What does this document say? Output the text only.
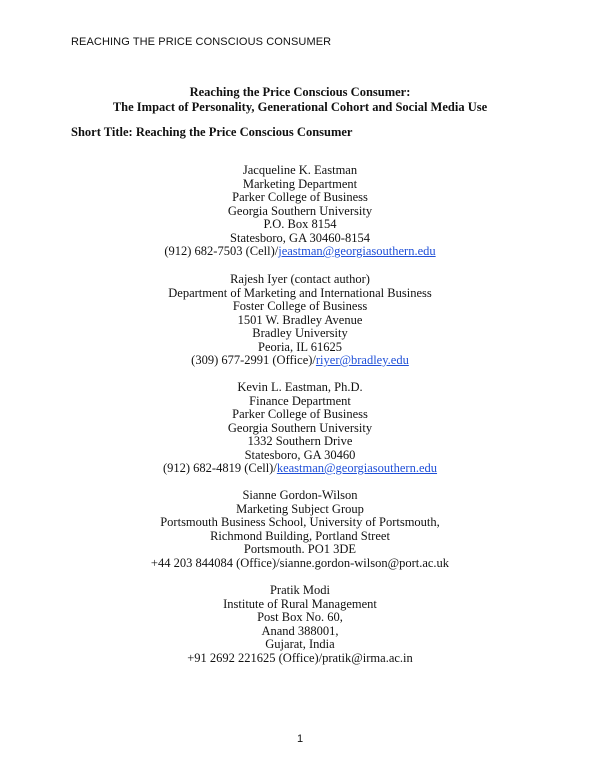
REACHING THE PRICE CONSCIOUS CONSUMER
Reaching the Price Conscious Consumer:
The Impact of Personality, Generational Cohort and Social Media Use
Short Title: Reaching the Price Conscious Consumer
Jacqueline K. Eastman
Marketing Department
Parker College of Business
Georgia Southern University
P.O. Box 8154
Statesboro, GA 30460-8154
(912) 682-7503 (Cell)/jeastman@georgiasouthern.edu
Rajesh Iyer (contact author)
Department of Marketing and International Business
Foster College of Business
1501 W. Bradley Avenue
Bradley University
Peoria, IL 61625
(309) 677-2991 (Office)/riyer@bradley.edu
Kevin L. Eastman, Ph.D.
Finance Department
Parker College of Business
Georgia Southern University
1332 Southern Drive
Statesboro, GA 30460
(912) 682-4819 (Cell)/keastman@georgiasouthern.edu
Sianne Gordon-Wilson
Marketing Subject Group
Portsmouth Business School, University of Portsmouth,
Richmond Building, Portland Street
Portsmouth. PO1 3DE
+44 203 844084 (Office)/sianne.gordon-wilson@port.ac.uk
Pratik Modi
Institute of Rural Management
Post Box No. 60,
Anand 388001,
Gujarat, India
+91 2692 221625 (Office)/pratik@irma.ac.in
1
